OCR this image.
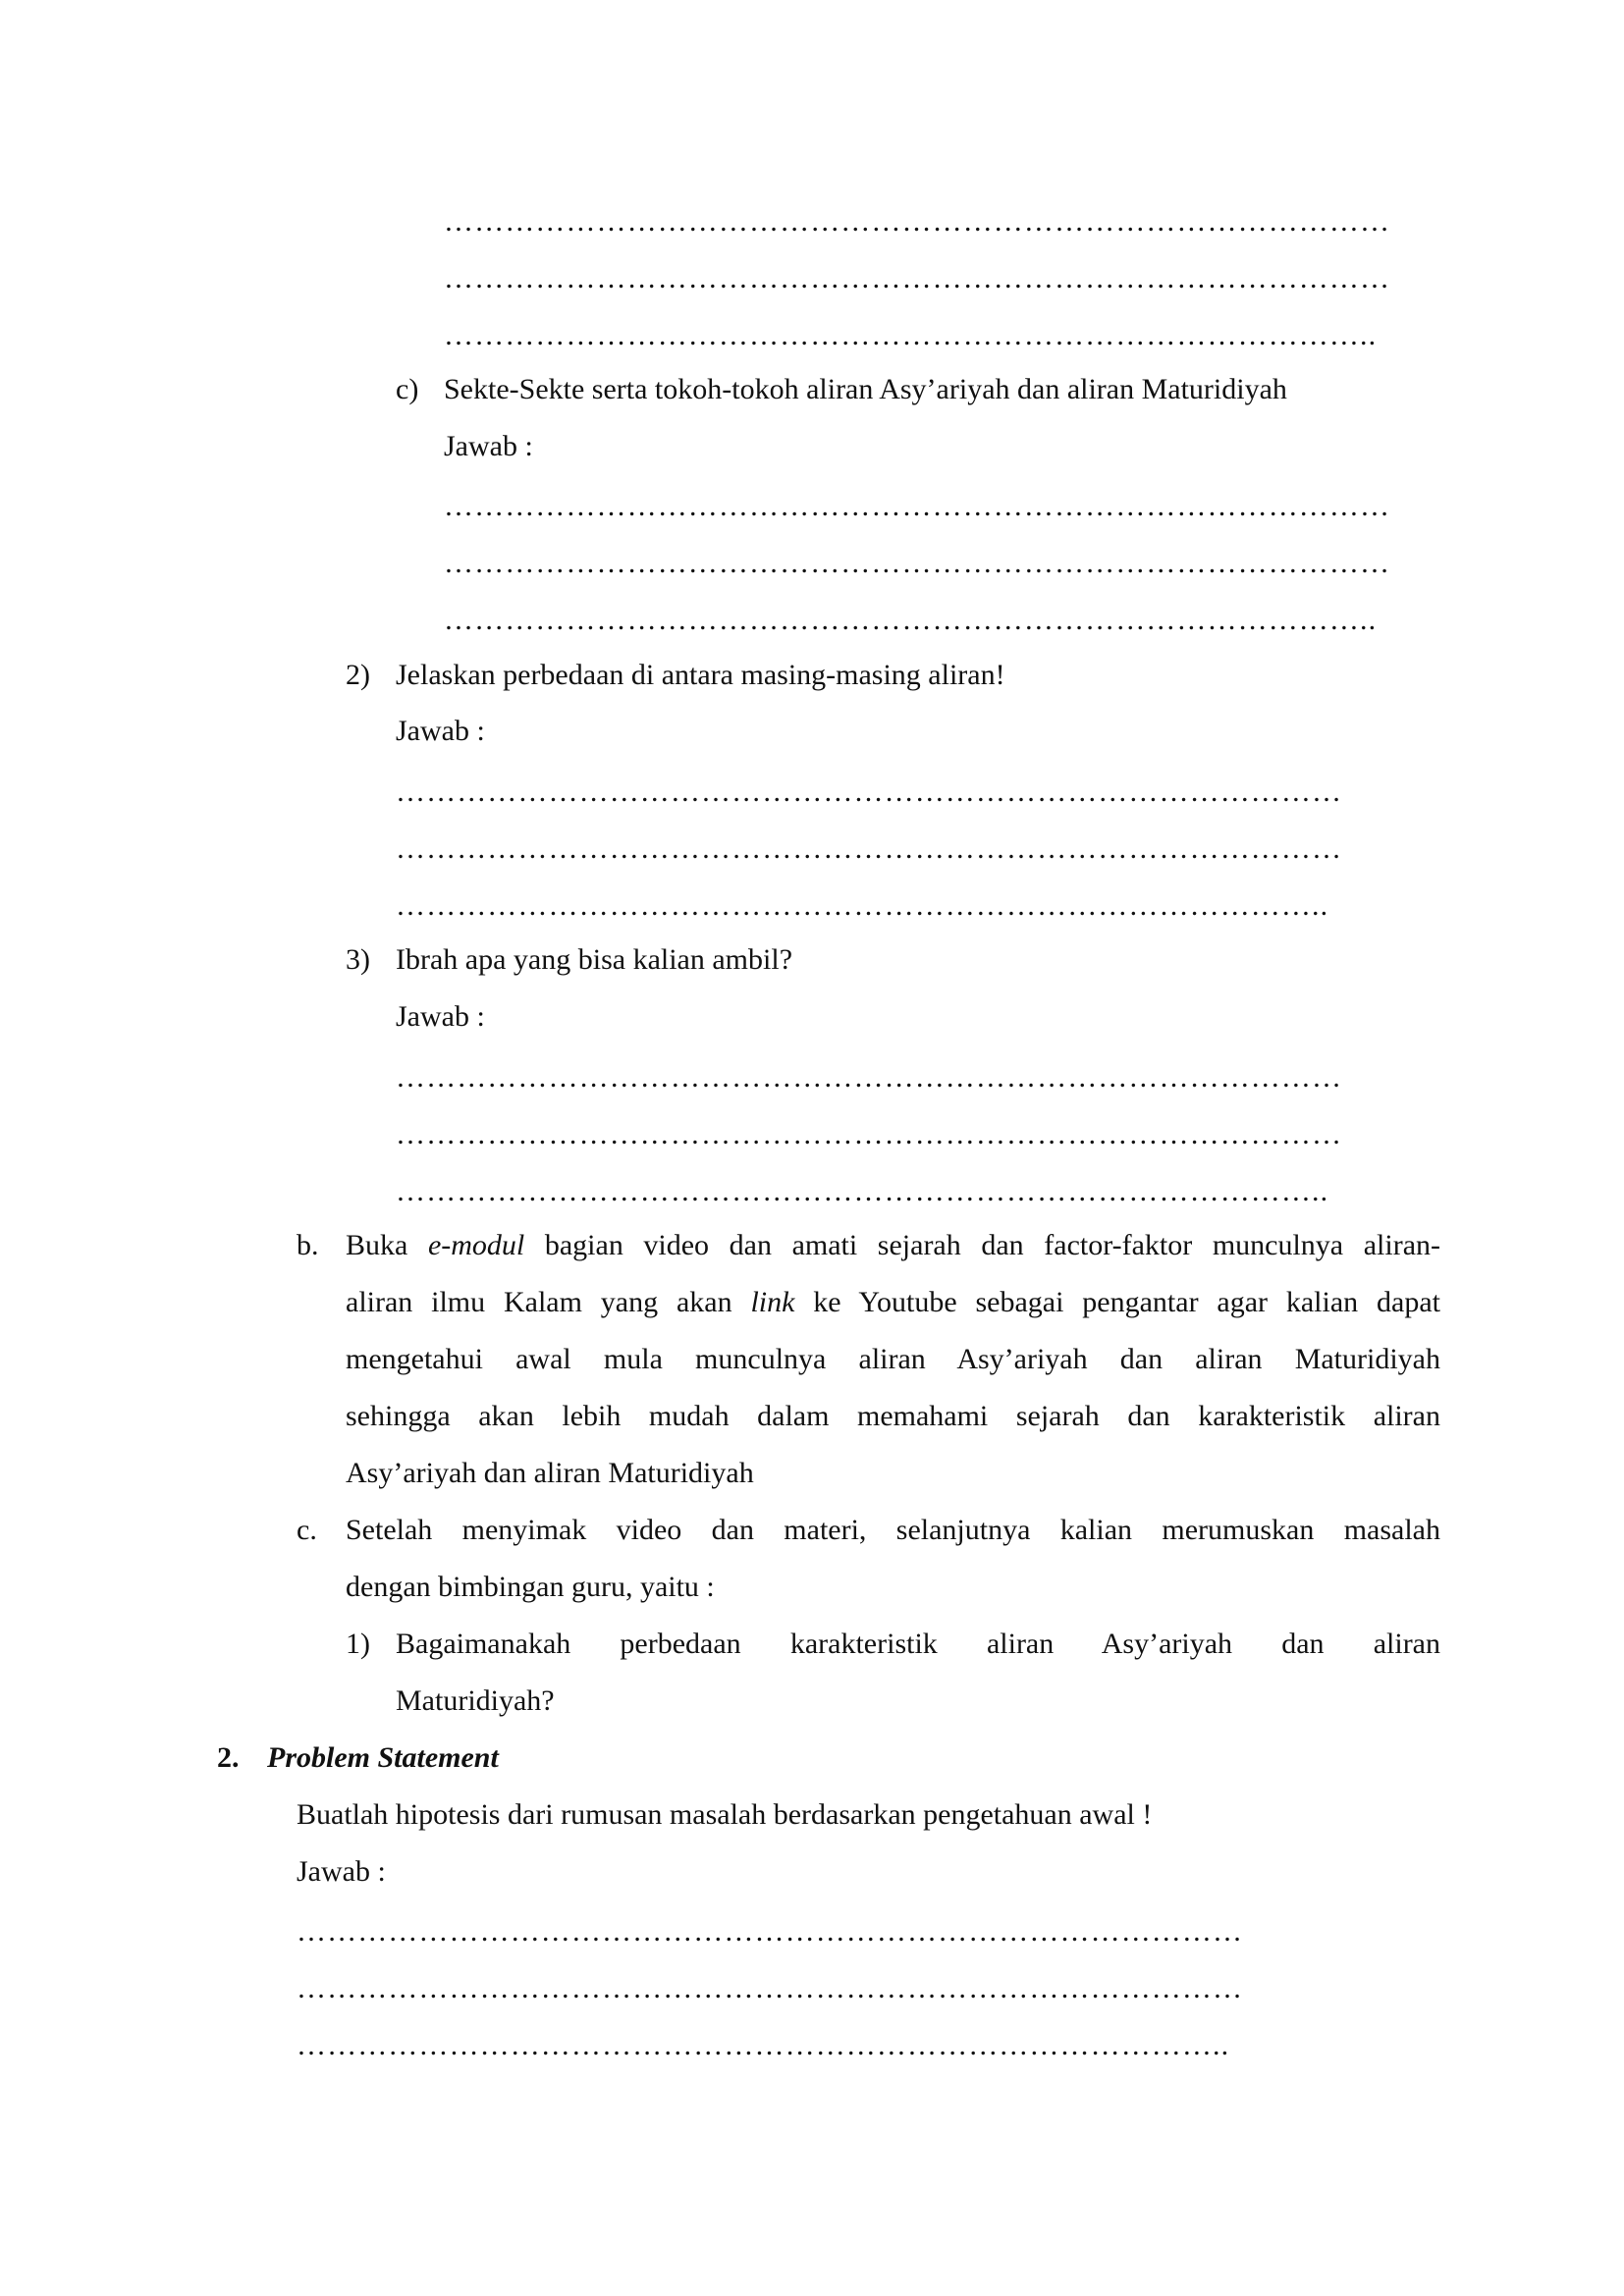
…………………………………………………………………………………
…………………………………………………………………………………
………………………………………………………………………………..
c) Sekte-Sekte serta tokoh-tokoh aliran Asy’ariyah dan aliran Maturidiyah
Jawab :
…………………………………………………………………………………
…………………………………………………………………………………
………………………………………………………………………………..
2) Jelaskan perbedaan di antara masing-masing aliran!
Jawab :
…………………………………………………………………………………
…………………………………………………………………………………
………………………………………………………………………………..
3) Ibrah apa yang bisa kalian ambil?
Jawab :
…………………………………………………………………………………
…………………………………………………………………………………
………………………………………………………………………………..
b. Buka e-modul bagian video dan amati sejarah dan factor-faktor munculnya aliran-
aliran ilmu Kalam yang akan link ke Youtube sebagai pengantar agar kalian dapat
mengetahui awal mula munculnya aliran Asy’ariyah dan aliran Maturidiyah
sehingga akan lebih mudah dalam memahami sejarah dan karakteristik aliran
Asy’ariyah dan aliran Maturidiyah
c. Setelah menyimak video dan materi, selanjutnya kalian merumuskan masalah
dengan bimbingan guru, yaitu :
1) Bagaimanakah perbedaan karakteristik aliran Asy’ariyah dan aliran
Maturidiyah?
2. Problem Statement
Buatlah hipotesis dari rumusan masalah berdasarkan pengetahuan awal !
Jawab :
…………………………………………………………………………………
…………………………………………………………………………………
………………………………………………………………………………..
